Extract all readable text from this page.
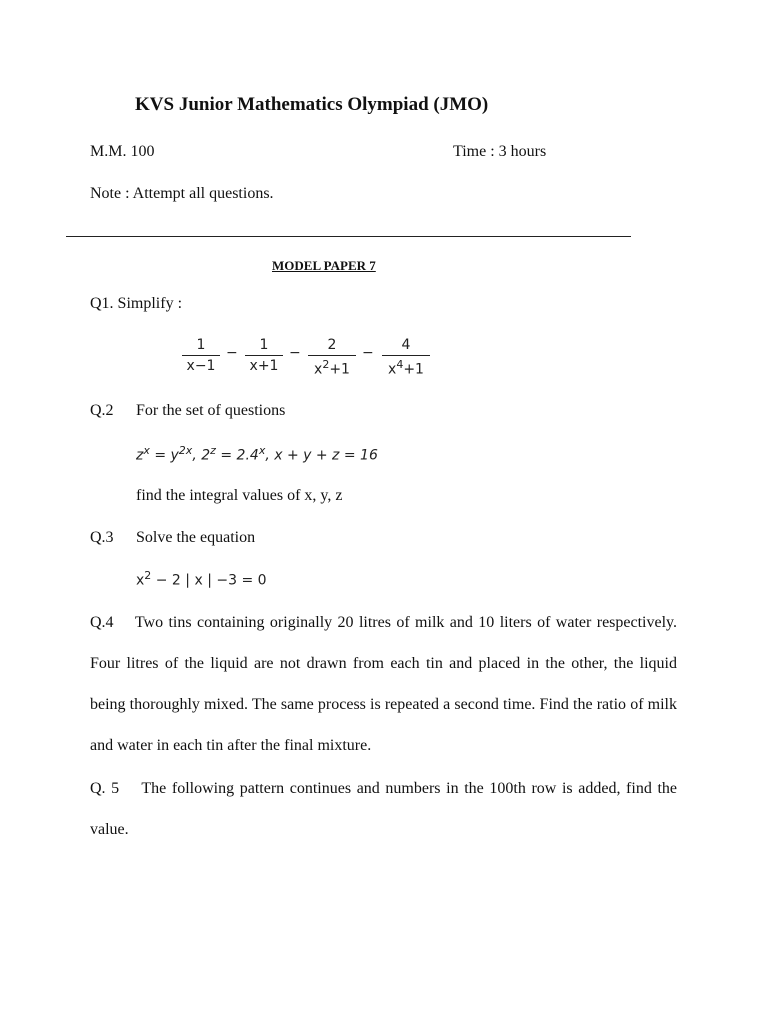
KVS Junior Mathematics Olympiad (JMO)
M.M. 100	Time : 3 hours
Note : Attempt all questions.
MODEL PAPER 7
Q1. Simplify :
1
x−1
−	1
x+1
−	2
$x^2+1$
−	4
$x^4+1$
Q.2 For the set of questions
$z^x = y^{2x}$, $2^z = 2.4^x$, x + y + z = 16
find the integral values of x, y, z
Q.3 Solve the equation
$x^2 - 2$ | x | −3 = 0
Q.4 Two tins containing originally 20 litres of milk and 10 liters of water respectively. Four litres of the liquid are not drawn from each tin and placed in the other, the liquid being thoroughly mixed. The same process is repeated a second time. Find the ratio of milk and water in each tin after the final mixture.
Q. 5 The following pattern continues and numbers in the 100th row is added, find the value.
